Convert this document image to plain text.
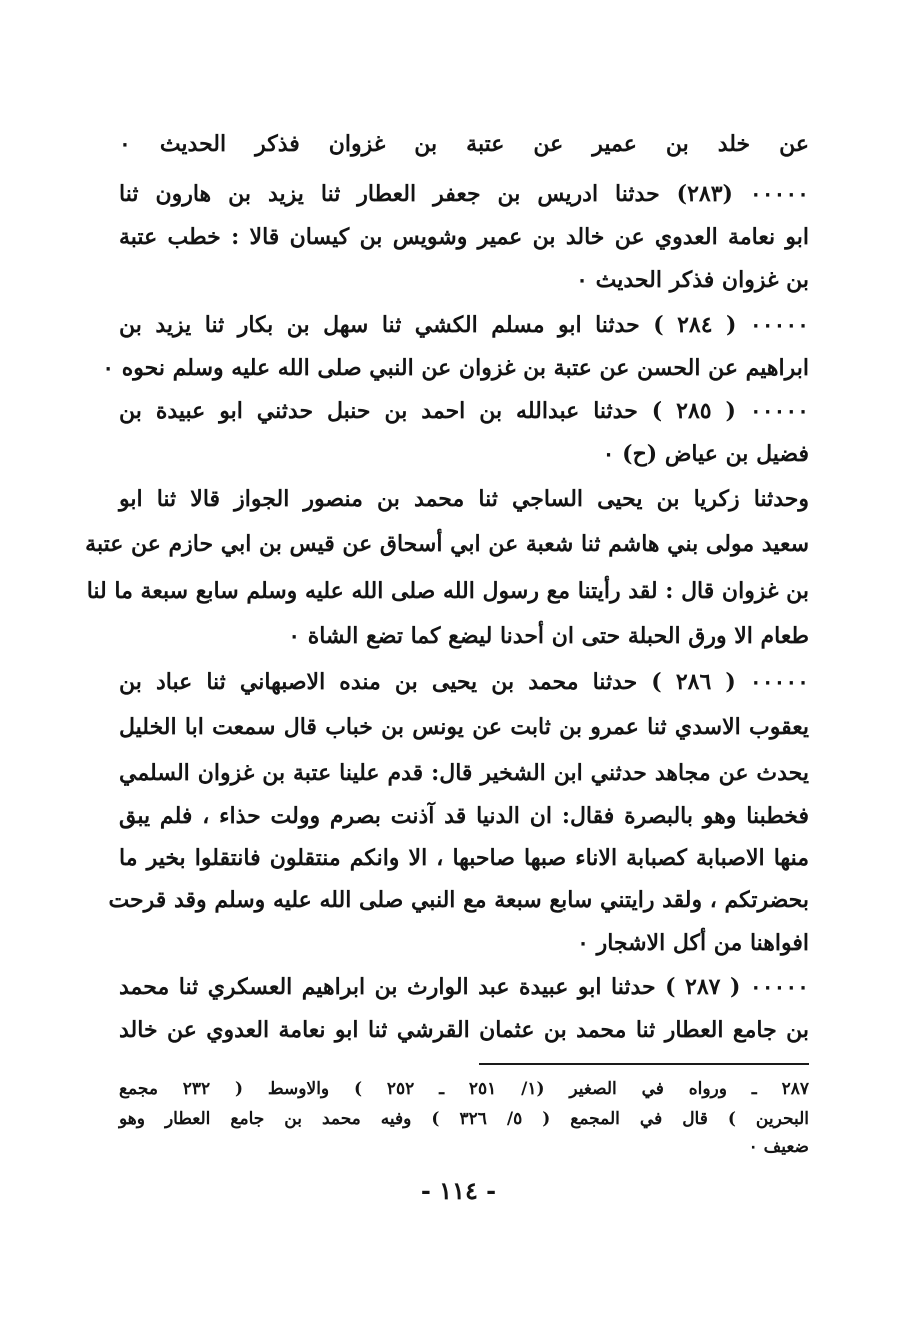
عن خلد بن عمير عن عتبة بن غزوان فذكر الحديث ٠
٠٠٠٠٠ (٢٨٣) حدثنا ادريس بن جعفر العطار ثنا يزيد بن هارون ثنا
ابو نعامة العدوي عن خالد بن عمير وشويس بن كيسان قالا : خطب عتبة
بن غزوان فذكر الحديث ٠
٠٠٠٠٠ ( ٢٨٤ ) حدثنا ابو مسلم الكشي ثنا سهل بن بكار ثنا يزيد بن
ابراهيم عن الحسن عن عتبة بن غزوان عن النبي صلى الله عليه وسلم نحوه ٠
٠٠٠٠٠ ( ٢٨٥ ) حدثنا عبدالله بن احمد بن حنبل حدثني ابو عبيدة بن
فضيل بن عياض (ح) ٠
وحدثنا زكريا بن يحيى الساجي ثنا محمد بن منصور الجواز قالا ثنا ابو
سعيد مولى بني هاشم ثنا شعبة عن ابي أسحاق عن قيس بن ابي حازم عن عتبة
بن غزوان قال : لقد رأيتنا مع رسول الله صلى الله عليه وسلم سابع سبعة ما لنا
طعام الا ورق الحبلة حتى ان أحدنا ليضع كما تضع الشاة ٠
٠٠٠٠٠ ( ٢٨٦ ) حدثنا محمد بن يحيى بن منده الاصبهاني ثنا عباد بن
يعقوب الاسدي ثنا عمرو بن ثابت عن يونس بن خباب قال سمعت ابا الخليل
يحدث عن مجاهد حدثني ابن الشخير قال: قدم علينا عتبة بن غزوان السلمي
فخطبنا وهو بالبصرة فقال: ان الدنيا قد آذنت بصرم وولت حذاء ، فلم يبق
منها الاصبابة كصبابة الاناء صبها صاحبها ، الا وانكم منتقلون فانتقلوا بخير ما
بحضرتكم ، ولقد رايتني سابع سبعة مع النبي صلى الله عليه وسلم وقد قرحت
افواهنا من أكل الاشجار ٠
٠٠٠٠٠ ( ٢٨٧ ) حدثنا ابو عبيدة عبد الوارث بن ابراهيم العسكري ثنا محمد
بن جامع العطار ثنا محمد بن عثمان القرشي ثنا ابو نعامة العدوي عن خالد
٢٨٧ ـ ورواه في الصغير (١/ ٢٥١ ـ ٢٥٢ ) والاوسط ( ٢٣٢ مجمع
البحرين ) قال في المجمع ( ٥/ ٣٢٦ ) وفيه محمد بن جامع العطار وهو
ضعيف ٠
- ١١٤ -
